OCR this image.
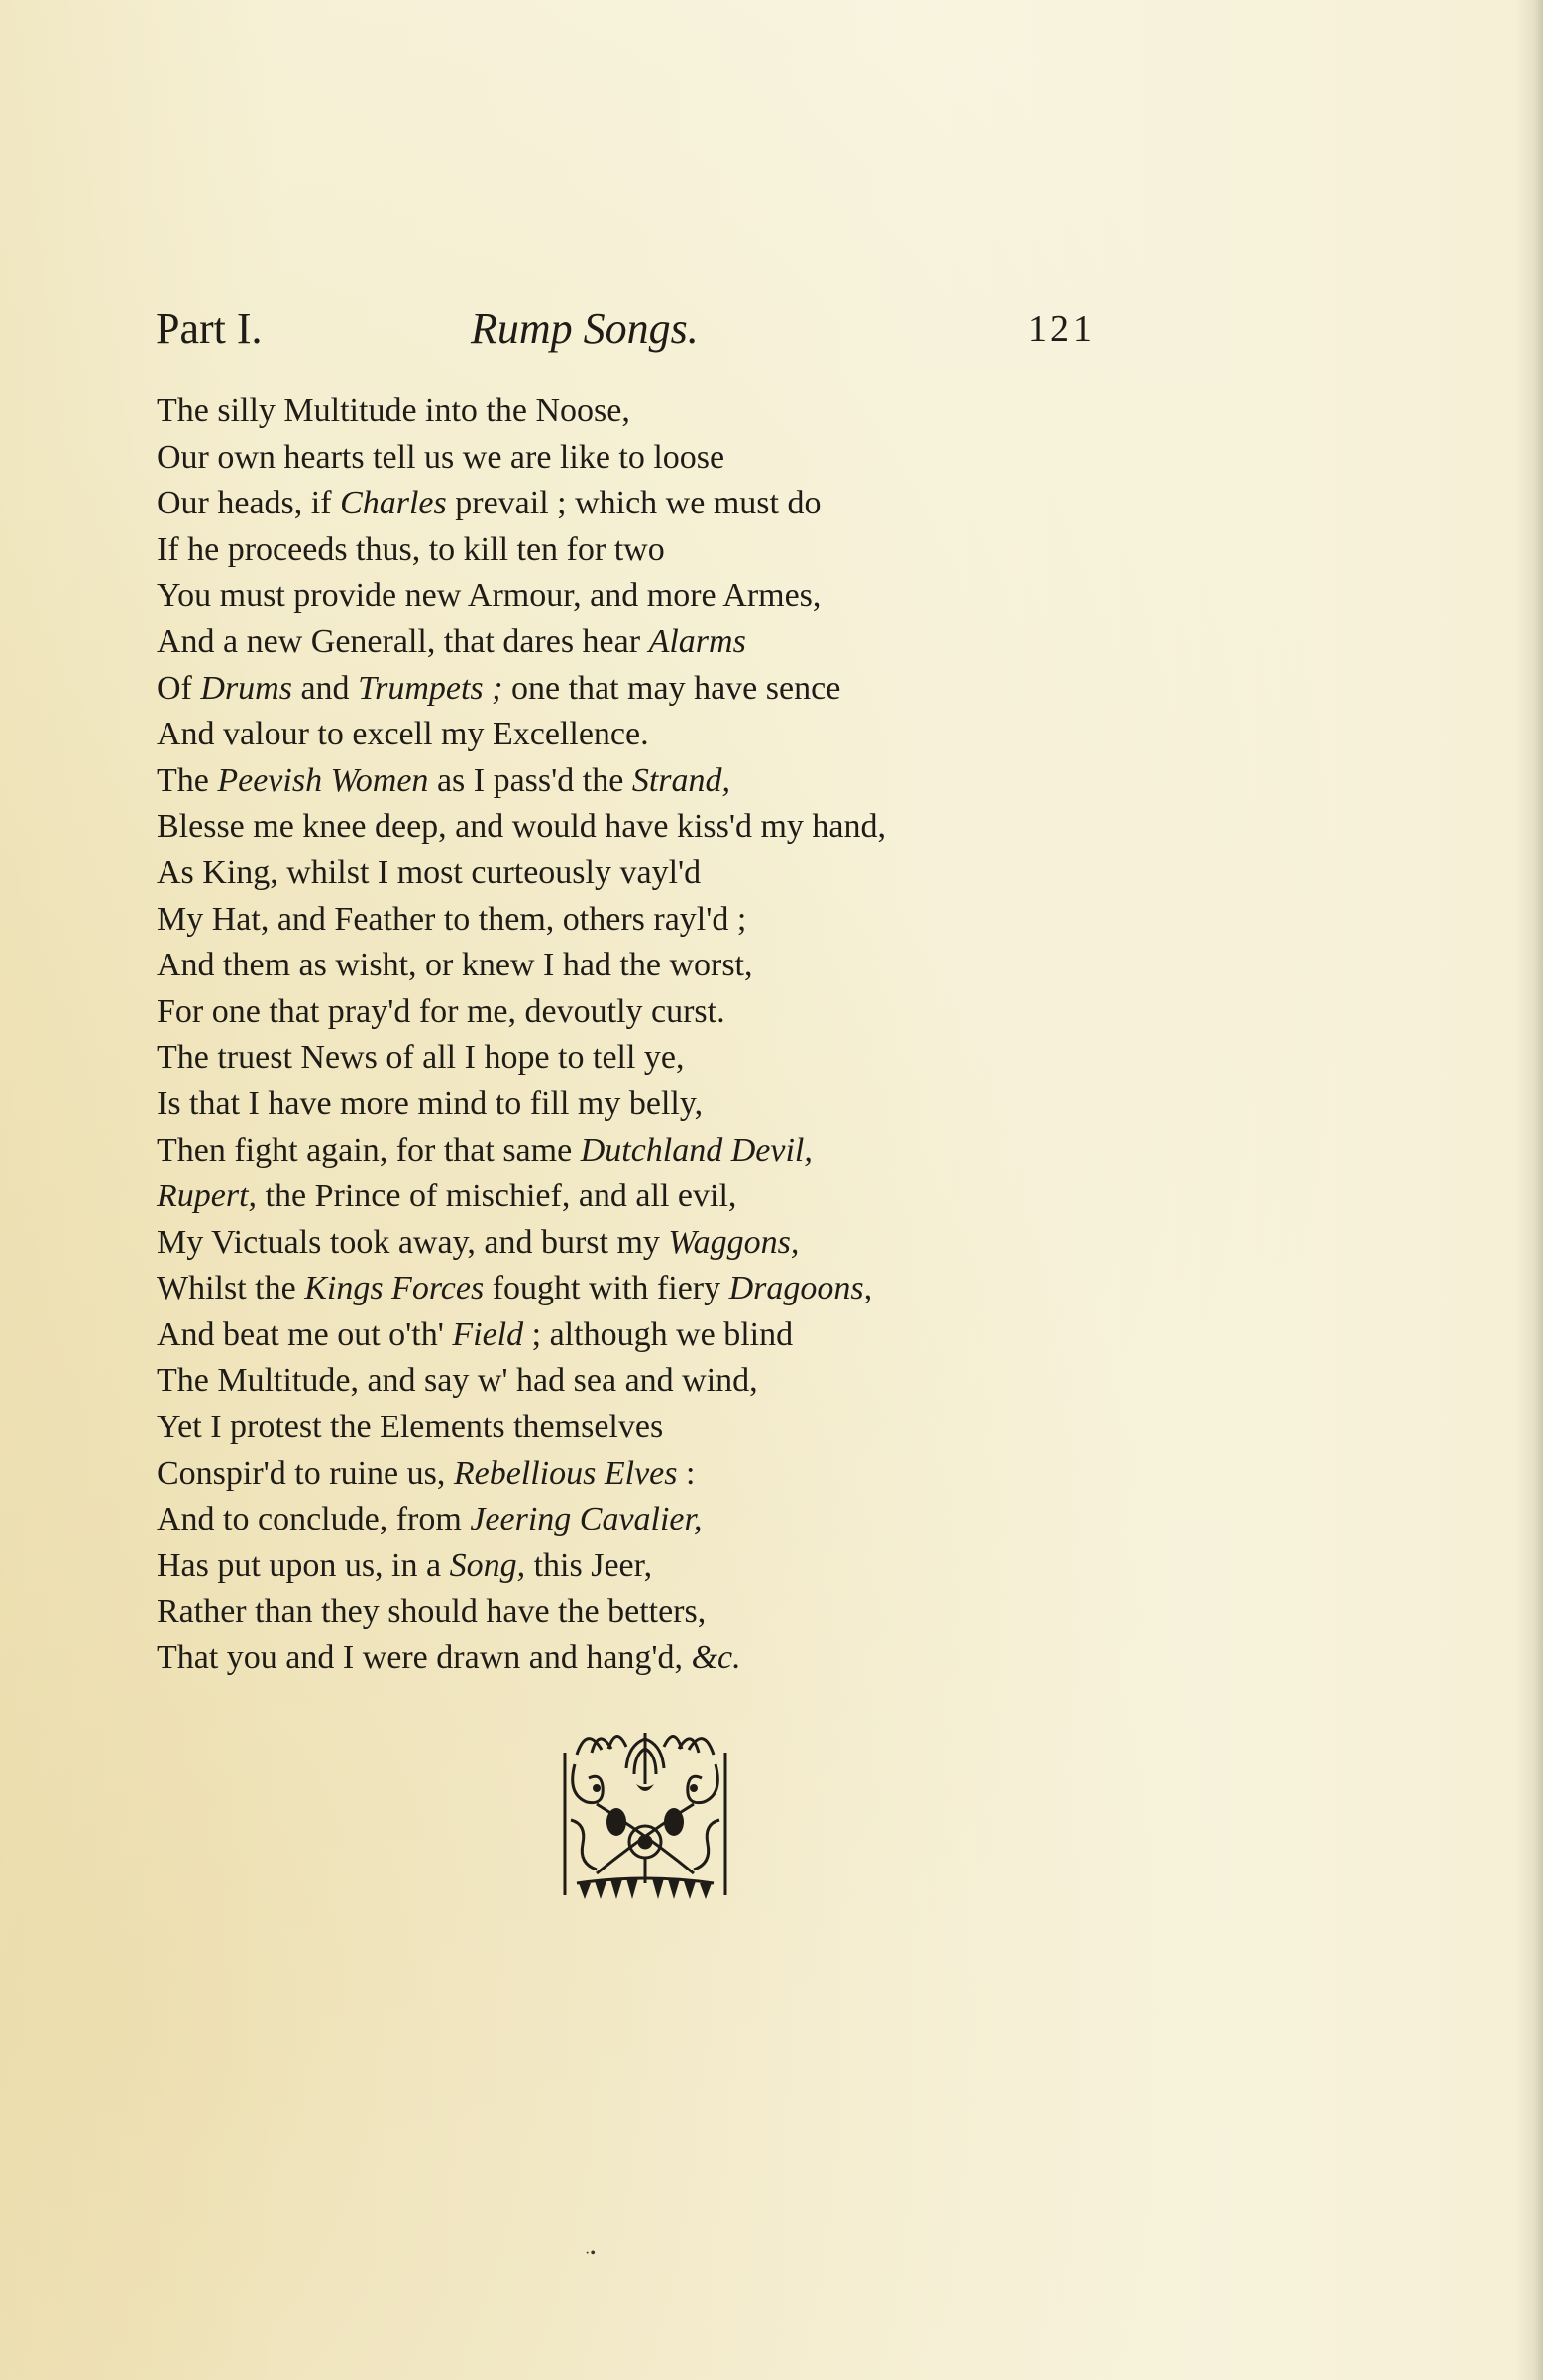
Part I.	Rump Songs.	121
The silly Multitude into the Noose,
Our own hearts tell us we are like to loose
Our heads, if Charles prevail ; which we must do
If he proceeds thus, to kill ten for two
You must provide new Armour, and more Armes,
And a new Generall, that dares hear Alarms
Of Drums and Trumpets ; one that may have sence
And valour to excell my Excellence.
The Peevish Women as I pass'd the Strand,
Blesse me knee deep, and would have kiss'd my hand,
As King, whilst I most curteously vayl'd
My Hat, and Feather to them, others rayl'd ;
And them as wisht, or knew I had the worst,
For one that pray'd for me, devoutly curst.
The truest News of all I hope to tell ye,
Is that I have more mind to fill my belly,
Then fight again, for that same Dutchland Devil,
Rupert, the Prince of mischief, and all evil,
My Victuals took away, and burst my Waggons,
Whilst the Kings Forces fought with fiery Dragoons,
And beat me out o'th' Field ; although we blind
The Multitude, and say w' had sea and wind,
Yet I protest the Elements themselves
Conspir'd to ruine us, Rebellious Elves :
And to conclude, from Jeering Cavalier,
Has put upon us, in a Song, this Jeer,
Rather than they should have the betters,
That you and I were drawn and hang'd, &c.
·•
